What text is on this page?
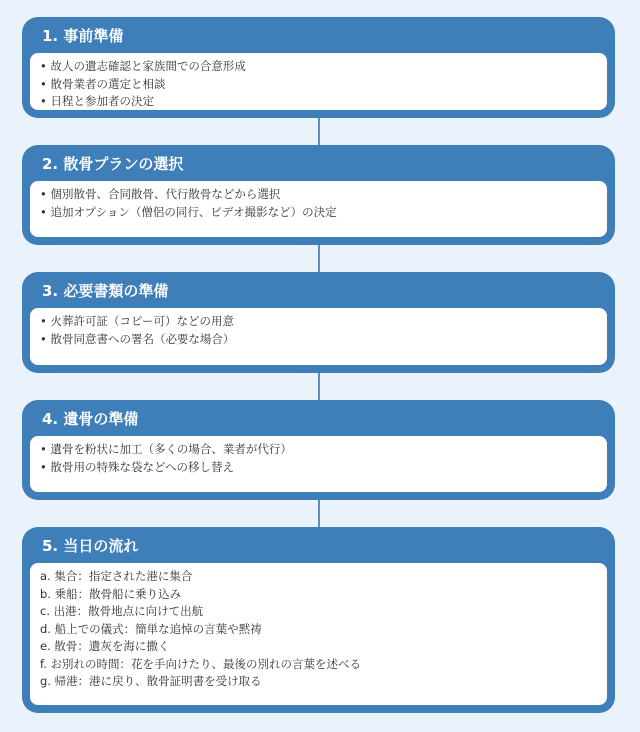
1. 事前準備
• 故人の遺志確認と家族間での合意形成
• 散骨業者の選定と相談
• 日程と参加者の決定
2. 散骨プランの選択
• 個別散骨、合同散骨、代行散骨などから選択
• 追加オプション（僧侶の同行、ビデオ撮影など）の決定
3. 必要書類の準備
• 火葬許可証（コピー可）などの用意
• 散骨同意書への署名（必要な場合）
4. 遺骨の準備
• 遺骨を粉状に加工（多くの場合、業者が代行）
• 散骨用の特殊な袋などへの移し替え
5. 当日の流れ
a. 集合：指定された港に集合
b. 乗船：散骨船に乗り込み
c. 出港：散骨地点に向けて出航
d. 船上での儀式：簡単な追悼の言葉や黙祷
e. 散骨：遺灰を海に撒く
f. お別れの時間：花を手向けたり、最後の別れの言葉を述べる
g. 帰港：港に戻り、散骨証明書を受け取る
